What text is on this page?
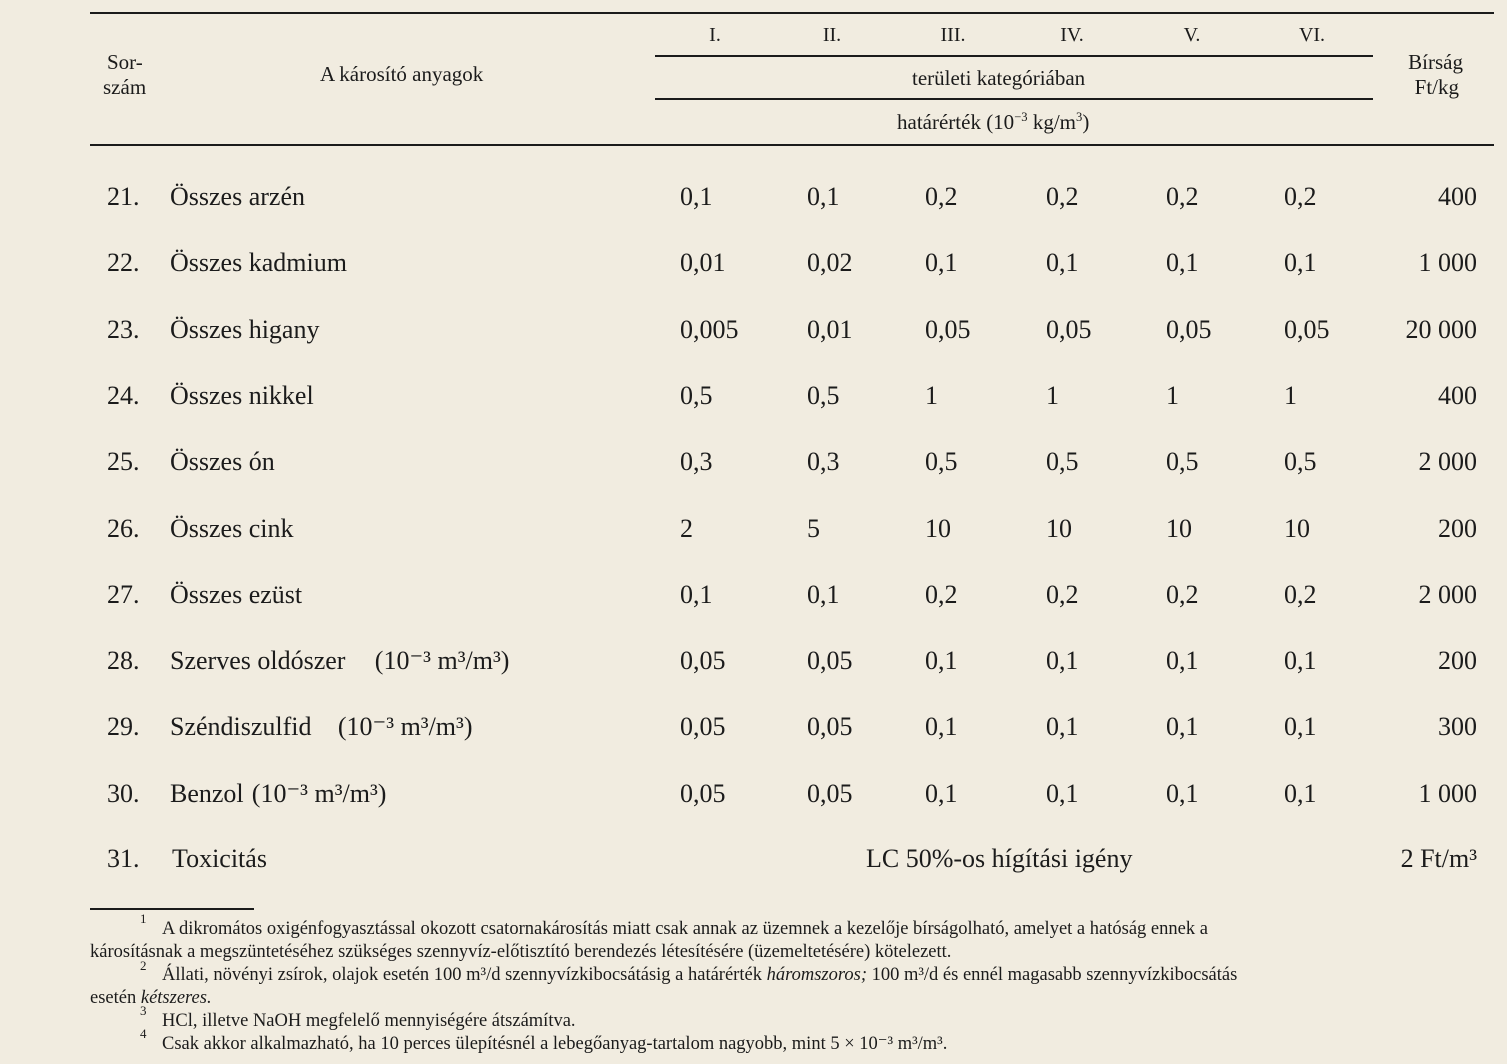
Sor-
szám
A károsító anyagok
I.	II.	III.	IV.	V.	VI.
területi kategóriában
határérték ($10^{-3}$ $kg/m^3$)
Bírság
Ft/kg
21. Összes arzén	0,1	0,1	0,2	0,2	0,2	0,2	400
22. Összes kadmium	0,01	0,02	0,1	0,1	0,1	0,1	1 000
23. Összes higany	0,005	0,01	0,05	0,05	0,05	0,05	20 000
24. Összes nikkel	0,5	0,5	1	1	1	1	400
25. Összes ón	0,3	0,3	0,5	0,5	0,5	0,5	2 000
26. Összes cink	2	5	10	10	10	10	200
27. Összes ezüst	0,1	0,1	0,2	0,2	0,2	0,2	2 000
28. Szerves oldószer (10⁻³ m³/m³)	0,05	0,05	0,1	0,1	0,1	0,1	200
29. Széndiszulfid (10⁻³ m³/m³)	0,05	0,05	0,1	0,1	0,1	0,1	300
30. Benzol (10⁻³ m³/m³)	0,05	0,05	0,1	0,1	0,1	0,1	1 000
31. Toxicitás	LC 50%-os hígítási igény	2 Ft/m³
1
A dikromátos oxigénfogyasztással okozott csatornakárosítás miatt csak annak az üzemnek a kezelője bírságolható, amelyet a hatóság ennek a
károsításnak a megszüntetéséhez szükséges szennyvíz-előtisztító berendezés létesítésére (üzemeltetésére) kötelezett.
2 Állati, növényi zsírok, olajok esetén 100 m³/d szennyvízkibocsátásig a határérték háromszoros; 100 m³/d és ennél magasabb szennyvízkibocsátás
esetén kétszeres.
3
HCl, illetve NaOH megfelelő mennyiségére átszámítva.
4
Csak akkor alkalmazható, ha 10 perces ülepítésnél a lebegőanyag-tartalom nagyobb, mint 5 × 10⁻³ m³/m³.
